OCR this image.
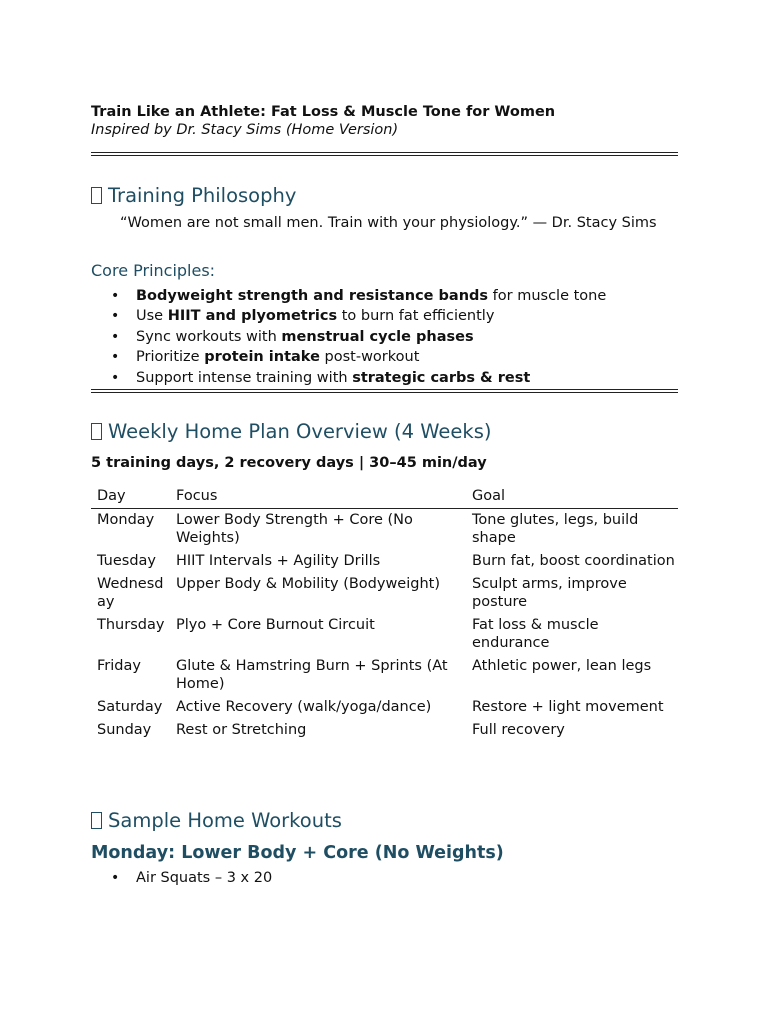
Train Like an Athlete: Fat Loss & Muscle Tone for Women
Inspired by Dr. Stacy Sims (Home Version)
Training Philosophy
“Women are not small men. Train with your physiology.” — Dr. Stacy Sims
Core Principles:
• Bodyweight strength and resistance bands for muscle tone
• Use HIIT and plyometrics to burn fat efficiently
• Sync workouts with menstrual cycle phases
• Prioritize protein intake post-workout
• Support intense training with strategic carbs & rest
Weekly Home Plan Overview (4 Weeks)
5 training days, 2 recovery days | 30–45 min/day
Day	Focus	Goal
Monday	Lower Body Strength + Core (No Weights)	Tone glutes, legs, build shape
Tuesday	HIIT Intervals + Agility Drills	Burn fat, boost coordination
Wednesday	Upper Body & Mobility (Bodyweight)	Sculpt arms, improve posture
Thursday	Plyo + Core Burnout Circuit	Fat loss & muscle endurance
Friday	Glute & Hamstring Burn + Sprints (At Home)	Athletic power, lean legs
Saturday	Active Recovery (walk/yoga/dance)	Restore + light movement
Sunday	Rest or Stretching	Full recovery
Sample Home Workouts
Monday: Lower Body + Core (No Weights)
• Air Squats – 3 x 20
